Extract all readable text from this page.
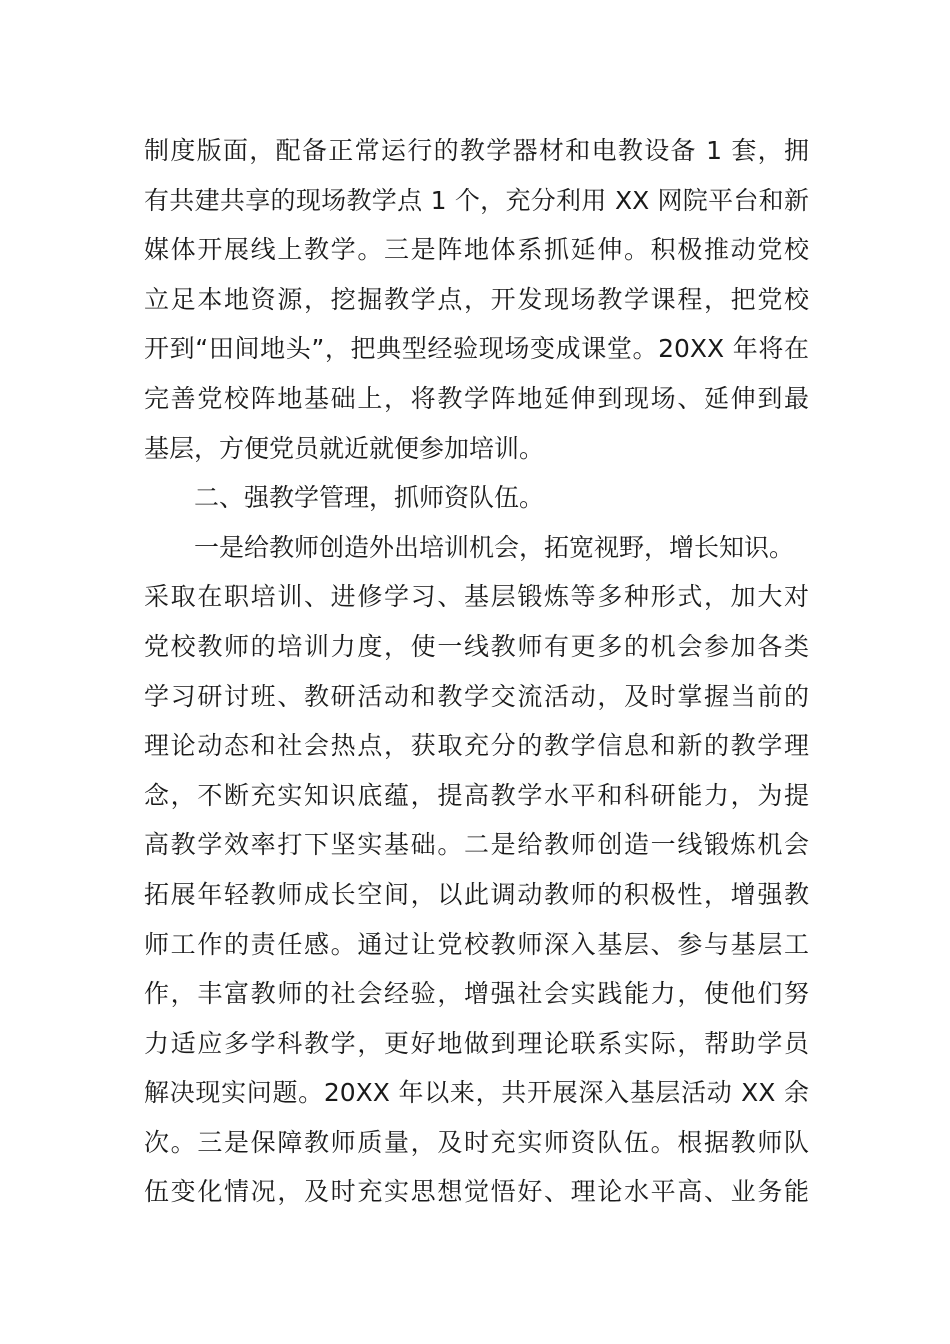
制度版面，配备正常运行的教学器材和电教设备 1 套，拥
有共建共享的现场教学点 1 个，充分利用 XX 网院平台和新
媒体开展线上教学。三是阵地体系抓延伸。积极推动党校
立足本地资源，挖掘教学点，开发现场教学课程，把党校
开到“田间地头”，把典型经验现场变成课堂。20XX 年将在
完善党校阵地基础上，将教学阵地延伸到现场、延伸到最
基层，方便党员就近就便参加培训。
二、强教学管理，抓师资队伍。
一是给教师创造外出培训机会，拓宽视野，增长知识。
采取在职培训、进修学习、基层锻炼等多种形式，加大对
党校教师的培训力度，使一线教师有更多的机会参加各类
学习研讨班、教研活动和教学交流活动，及时掌握当前的
理论动态和社会热点，获取充分的教学信息和新的教学理
念，不断充实知识底蕴，提高教学水平和科研能力，为提
高教学效率打下坚实基础。二是给教师创造一线锻炼机会
拓展年轻教师成长空间，以此调动教师的积极性，增强教
师工作的责任感。通过让党校教师深入基层、参与基层工
作，丰富教师的社会经验，增强社会实践能力，使他们努
力适应多学科教学，更好地做到理论联系实际，帮助学员
解决现实问题。20XX 年以来，共开展深入基层活动 XX 余
次。三是保障教师质量，及时充实师资队伍。根据教师队
伍变化情况，及时充实思想觉悟好、理论水平高、业务能
